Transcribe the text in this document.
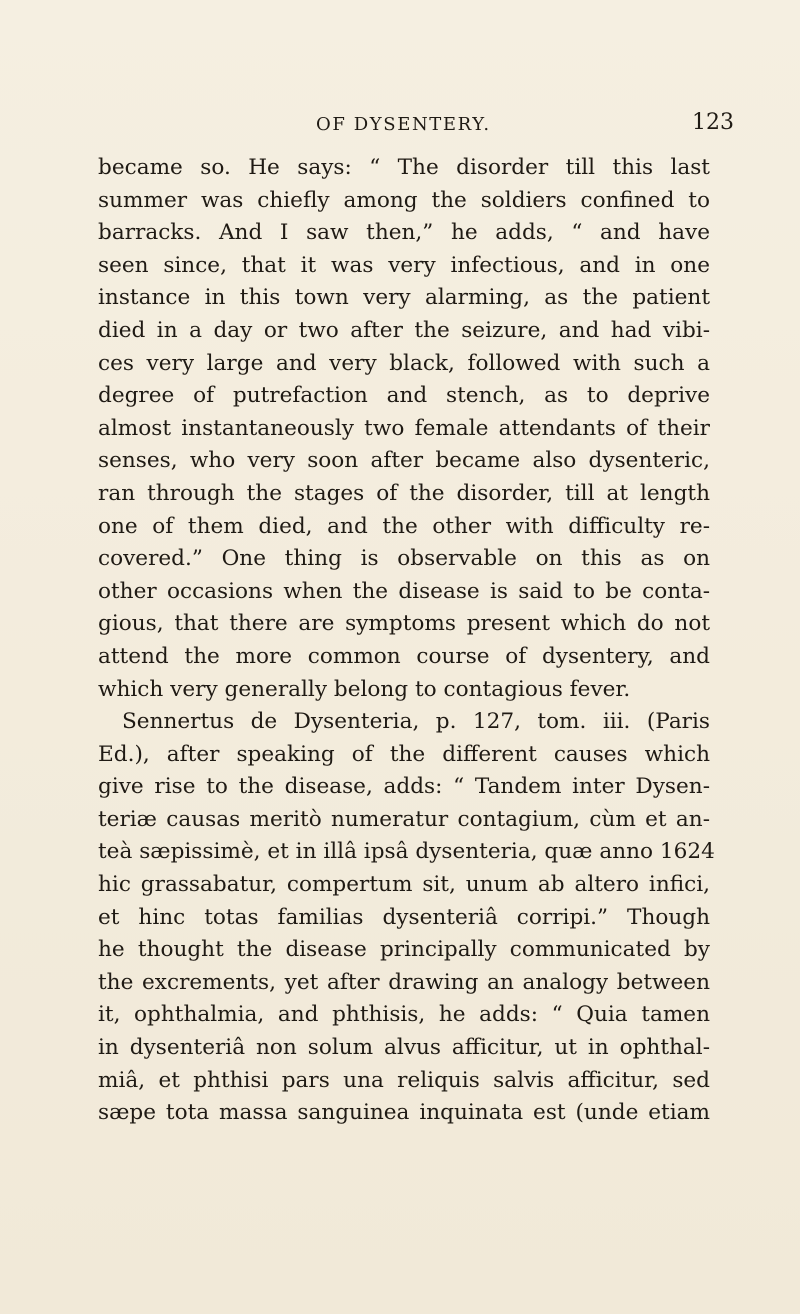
OF DYSENTERY.	123
became so. He says: “ The disorder till this last
summer was chiefly among the soldiers confined to
barracks. And I saw then,” he adds, “ and have
seen since, that it was very infectious, and in one
instance in this town very alarming, as the patient
died in a day or two after the seizure, and had vibi-
ces very large and very black, followed with such a
degree of putrefaction and stench, as to deprive
almost instantaneously two female attendants of their
senses, who very soon after became also dysenteric,
ran through the stages of the disorder, till at length
one of them died, and the other with difficulty re-
covered.” One thing is observable on this as on
other occasions when the disease is said to be conta-
gious, that there are symptoms present which do not
attend the more common course of dysentery, and
which very generally belong to contagious fever.
Sennertus de Dysenteria, p. 127, tom. iii. (Paris
Ed.), after speaking of the different causes which
give rise to the disease, adds: “ Tandem inter Dysen-
teriæ causas meritò numeratur contagium, cùm et an-
teà sæpissimè, et in illâ ipsâ dysenteria, quæ anno 1624
hic grassabatur, compertum sit, unum ab altero infici,
et hinc totas familias dysenteriâ corripi.” Though
he thought the disease principally communicated by
the excrements, yet after drawing an analogy between
it, ophthalmia, and phthisis, he adds: “ Quia tamen
in dysenteriâ non solum alvus afficitur, ut in ophthal-
miâ, et phthisi pars una reliquis salvis afficitur, sed
sæpe tota massa sanguinea inquinata est (unde etiam
